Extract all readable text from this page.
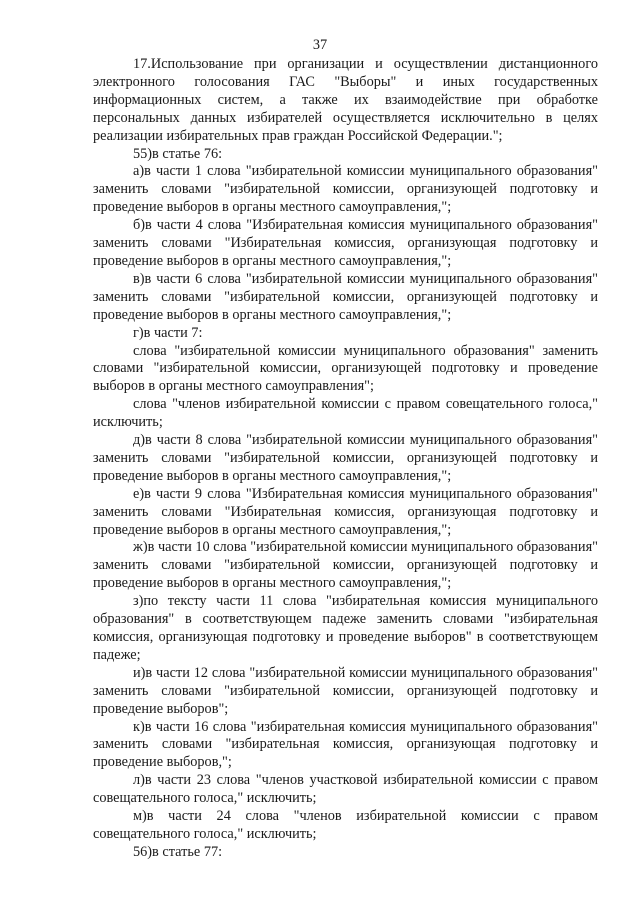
37

17.Использование при организации и осуществлении дистанционного электронного голосования ГАС "Выборы" и иных государственных информационных систем, а также их взаимодействие при обработке персональных данных избирателей осуществляется исключительно в целях реализации избирательных прав граждан Российской Федерации.";

55)в статье 76:

а)в части 1 слова "избирательной комиссии муниципального образования" заменить словами "избирательной комиссии, организующей подготовку и проведение выборов в органы местного самоуправления,";

б)в части 4 слова "Избирательная комиссия муниципального образования" заменить словами "Избирательная комиссия, организующая подготовку и проведение выборов в органы местного самоуправления,";

в)в части 6 слова "избирательной комиссии муниципального образования" заменить словами "избирательной комиссии, организующей подготовку и проведение выборов в органы местного самоуправления,";

г)в части 7:

слова "избирательной комиссии муниципального образования" заменить словами "избирательной комиссии, организующей подготовку и проведение выборов в органы местного самоуправления";

слова "членов избирательной комиссии с правом совещательного голоса," исключить;

д)в части 8 слова "избирательной комиссии муниципального образования" заменить словами "избирательной комиссии, организующей подготовку и проведение выборов в органы местного самоуправления,";

е)в части 9 слова "Избирательная комиссия муниципального образования" заменить словами "Избирательная комиссия, организующая подготовку и проведение выборов в органы местного самоуправления,";

ж)в части 10 слова "избирательной комиссии муниципального образования" заменить словами "избирательной комиссии, организующей подготовку и проведение выборов в органы местного самоуправления,";

з)по тексту части 11 слова "избирательная комиссия муниципального образования" в соответствующем падеже заменить словами "избирательная комиссия, организующая подготовку и проведение выборов" в соответствующем падеже;

и)в части 12 слова "избирательной комиссии муниципального образования" заменить словами "избирательной комиссии, организующей подготовку и проведение выборов";

к)в части 16 слова "избирательная комиссия муниципального образования" заменить словами "избирательная комиссия, организующая подготовку и проведение выборов,";

л)в части 23 слова "членов участковой избирательной комиссии с правом совещательного голоса," исключить;

м)в части 24 слова "членов избирательной комиссии с правом совещательного голоса," исключить;

56)в статье 77:
